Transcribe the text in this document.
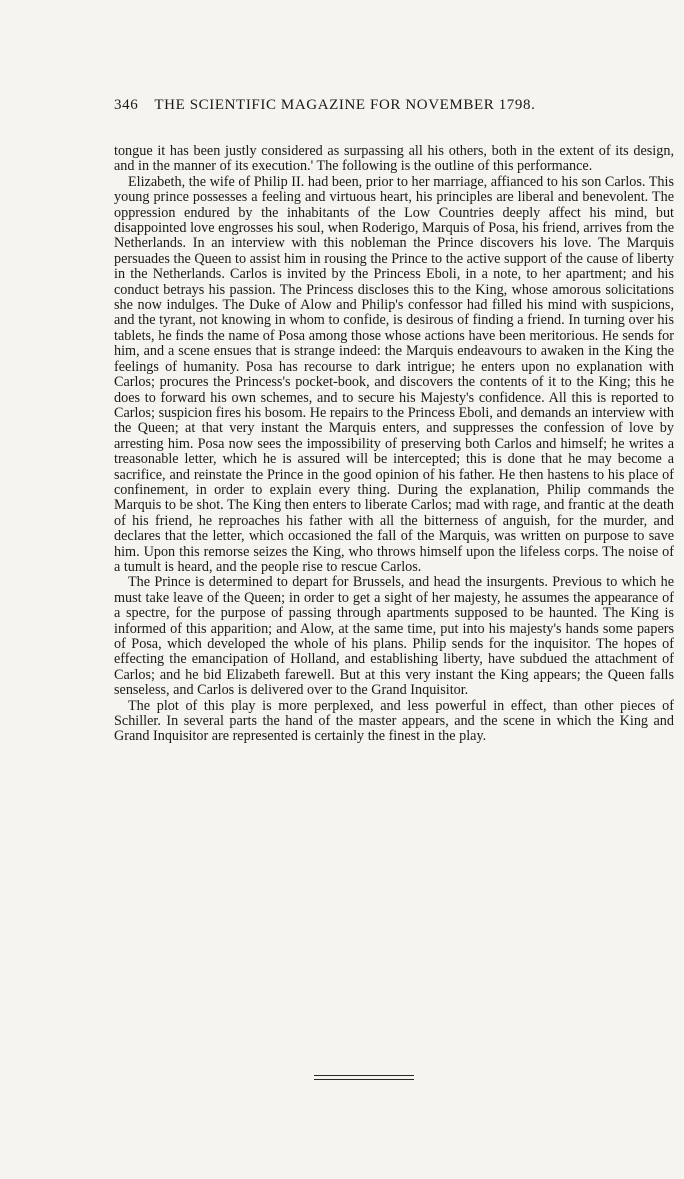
346 THE SCIENTIFIC MAGAZINE FOR NOVEMBER 1798.

tongue it has been justly considered as surpassing all his others, both in the extent of its design, and in the manner of its execution.' The following is the outline of this performance.

Elizabeth, the wife of Philip II. had been, prior to her marriage, affianced to his son Carlos. This young prince possesses a feeling and virtuous heart, his principles are liberal and benevolent. The oppression endured by the inhabitants of the Low Countries deeply affect his mind, but disappointed love engrosses his soul, when Roderigo, Marquis of Posa, his friend, arrives from the Netherlands. In an interview with this nobleman the Prince discovers his love. The Marquis persuades the Queen to assist him in rousing the Prince to the active support of the cause of liberty in the Netherlands. Carlos is invited by the Princess Eboli, in a note, to her apartment; and his conduct betrays his passion. The Princess discloses this to the King, whose amorous solicitations she now indulges. The Duke of Alow and Philip's confessor had filled his mind with suspicions, and the tyrant, not knowing in whom to confide, is desirous of finding a friend. In turning over his tablets, he finds the name of Posa among those whose actions have been meritorious. He sends for him, and a scene ensues that is strange indeed: the Marquis endeavours to awaken in the King the feelings of humanity. Posa has recourse to dark intrigue; he enters upon no explanation with Carlos; procures the Princess's pocket-book, and discovers the contents of it to the King; this he does to forward his own schemes, and to secure his Majesty's confidence. All this is reported to Carlos; suspicion fires his bosom. He repairs to the Princess Eboli, and demands an interview with the Queen; at that very instant the Marquis enters, and suppresses the confession of love by arresting him. Posa now sees the impossibility of preserving both Carlos and himself; he writes a treasonable letter, which he is assured will be intercepted; this is done that he may become a sacrifice, and reinstate the Prince in the good opinion of his father. He then hastens to his place of confinement, in order to explain every thing. During the explanation, Philip commands the Marquis to be shot. The King then enters to liberate Carlos; mad with rage, and frantic at the death of his friend, he reproaches his father with all the bitterness of anguish, for the murder, and declares that the letter, which occasioned the fall of the Marquis, was written on purpose to save him. Upon this remorse seizes the King, who throws himself upon the lifeless corps. The noise of a tumult is heard, and the people rise to rescue Carlos.

The Prince is determined to depart for Brussels, and head the insurgents. Previous to which he must take leave of the Queen; in order to get a sight of her majesty, he assumes the appearance of a spectre, for the purpose of passing through apartments supposed to be haunted. The King is informed of this apparition; and Alow, at the same time, put into his majesty's hands some papers of Posa, which developed the whole of his plans. Philip sends for the inquisitor. The hopes of effecting the emancipation of Holland, and establishing liberty, have subdued the attachment of Carlos; and he bid Elizabeth farewell. But at this very instant the King appears; the Queen falls senseless, and Carlos is delivered over to the Grand Inquisitor.

The plot of this play is more perplexed, and less powerful in effect, than other pieces of Schiller. In several parts the hand of the master appears, and the scene in which the King and Grand Inquisitor are represented is certainly the finest in the play.
